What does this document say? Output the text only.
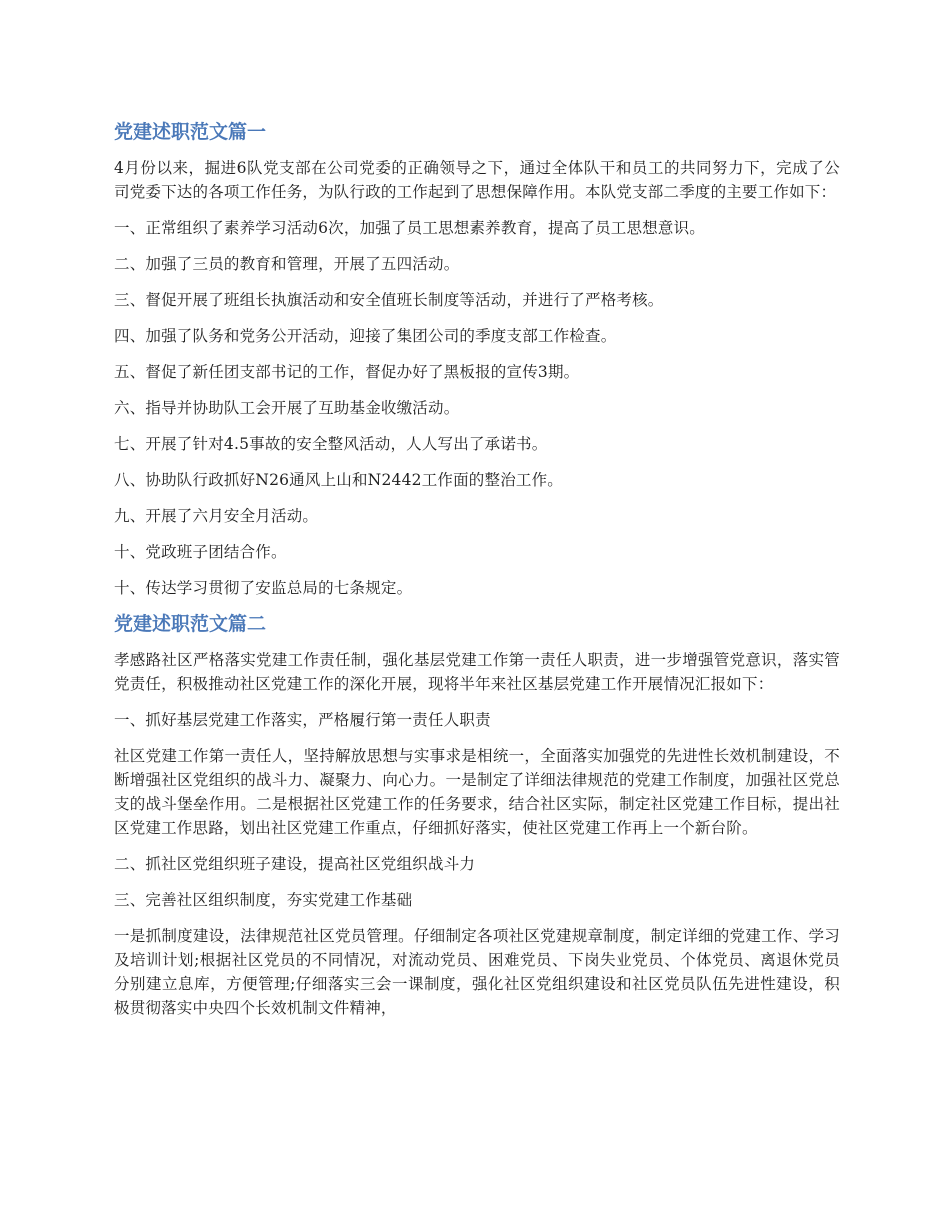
党建述职范文篇一

4月份以来，掘进6队党支部在公司党委的正确领导之下，通过全体队干和员工的共同努力下，完成了公司党委下达的各项工作任务，为队行政的工作起到了思想保障作用。本队党支部二季度的主要工作如下：

一、正常组织了素养学习活动6次，加强了员工思想素养教育，提高了员工思想意识。

二、加强了三员的教育和管理，开展了五四活动。

三、督促开展了班组长执旗活动和安全值班长制度等活动，并进行了严格考核。

四、加强了队务和党务公开活动，迎接了集团公司的季度支部工作检查。

五、督促了新任团支部书记的工作，督促办好了黑板报的宣传3期。

六、指导并协助队工会开展了互助基金收缴活动。

七、开展了针对4.5事故的安全整风活动，人人写出了承诺书。

八、协助队行政抓好N26通风上山和N2442工作面的整治工作。

九、开展了六月安全月活动。

十、党政班子团结合作。

十、传达学习贯彻了安监总局的七条规定。

党建述职范文篇二

孝感路社区严格落实党建工作责任制，强化基层党建工作第一责任人职责，进一步增强管党意识，落实管党责任，积极推动社区党建工作的深化开展，现将半年来社区基层党建工作开展情况汇报如下：

一、抓好基层党建工作落实，严格履行第一责任人职责

社区党建工作第一责任人，坚持解放思想与实事求是相统一，全面落实加强党的先进性长效机制建设，不断增强社区党组织的战斗力、凝聚力、向心力。一是制定了详细法律规范的党建工作制度，加强社区党总支的战斗堡垒作用。二是根据社区党建工作的任务要求，结合社区实际，制定社区党建工作目标，提出社区党建工作思路，划出社区党建工作重点，仔细抓好落实，使社区党建工作再上一个新台阶。

二、抓社区党组织班子建设，提高社区党组织战斗力

三、完善社区组织制度，夯实党建工作基础

一是抓制度建设，法律规范社区党员管理。仔细制定各项社区党建规章制度，制定详细的党建工作、学习及培训计划;根据社区党员的不同情况，对流动党员、困难党员、下岗失业党员、个体党员、离退休党员分别建立息库，方便管理;仔细落实三会一课制度，强化社区党组织建设和社区党员队伍先进性建设，积极贯彻落实中央四个长效机制文件精神，
